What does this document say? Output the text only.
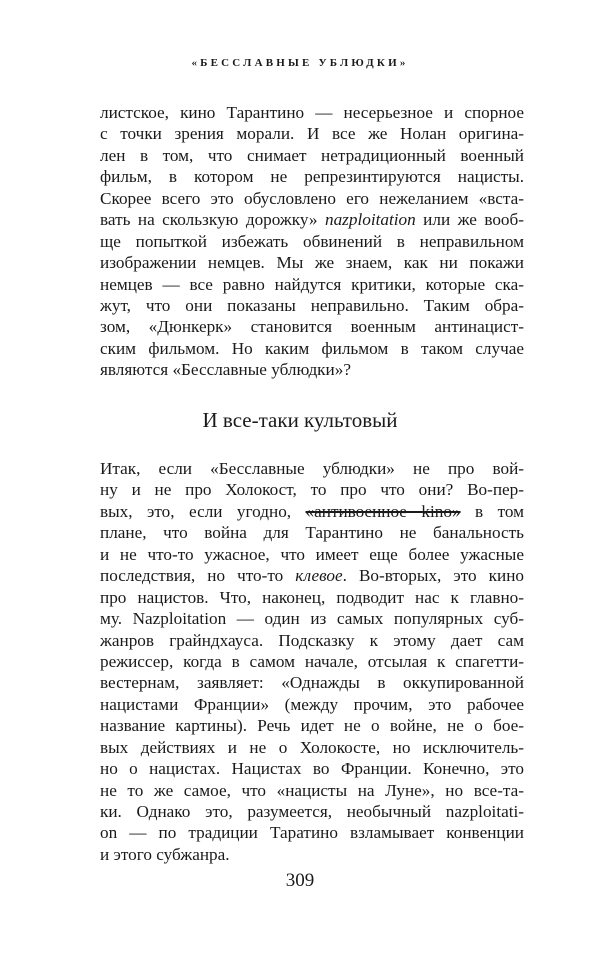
«БЕССЛАВНЫЕ УБЛЮДКИ»
листское, кино Тарантино — несерьезное и спорное
с точки зрения морали. И все же Нолан оригина-
лен в том, что снимает нетрадиционный военный
фильм, в котором не репрезинтируются нацисты.
Скорее всего это обусловлено его нежеланием «вста-
вать на скользкую дорожку» nazploitation или же вооб-
ще попыткой избежать обвинений в неправильном
изображении немцев. Мы же знаем, как ни покажи
немцев — все равно найдутся критики, которые ска-
жут, что они показаны неправильно. Таким обра-
зом, «Дюнкерк» становится военным антинацист-
ским фильмом. Но каким фильмом в таком случае
являются «Бесславные ублюдки»?
И все-таки культовый
Итак, если «Бесславные ублюдки» не про вой-
ну и не про Холокост, то про что они? Во-пер-
вых, это, если угодно, «антивоенное kino» в том
плане, что война для Тарантино не банальность
и не что-то ужасное, что имеет еще более ужасные
последствия, но что-то клевое. Во-вторых, это кино
про нацистов. Что, наконец, подводит нас к главно-
му. Nazploitation — один из самых популярных суб-
жанров грайндхауса. Подсказку к этому дает сам
режиссер, когда в самом начале, отсылая к спагетти-
вестернам, заявляет: «Однажды в оккупированной
нацистами Франции» (между прочим, это рабочее
название картины). Речь идет не о войне, не о бое-
вых действиях и не о Холокосте, но исключитель-
но о нацистах. Нацистах во Франции. Конечно, это
не то же самое, что «нацисты на Луне», но все-та-
ки. Однако это, разумеется, необычный nazploitati-
on — по традиции Таратино взламывает конвенции
и этого субжанра.
309
